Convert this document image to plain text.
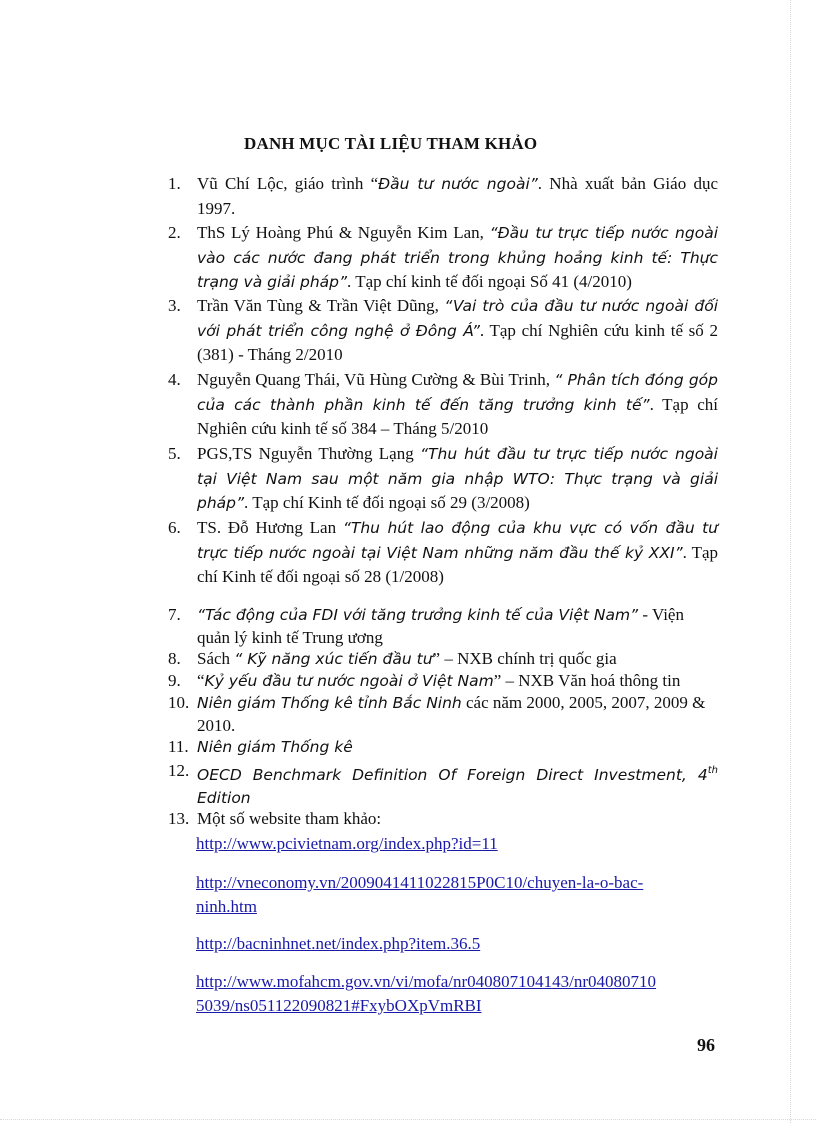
DANH MỤC TÀI LIỆU THAM KHẢO
1. Vũ Chí Lộc, giáo trình “Đầu tư nước ngoài”. Nhà xuất bản Giáo dục 1997.
2. ThS Lý Hoàng Phú & Nguyễn Kim Lan, “Đầu tư trực tiếp nước ngoài vào các nước đang phát triển trong khủng hoảng kinh tế: Thực trạng và giải pháp”. Tạp chí kinh tế đối ngoại Số 41 (4/2010)
3. Trần Văn Tùng & Trần Việt Dũng, “Vai trò của đầu tư nước ngoài đối với phát triển công nghệ ở Đông Á”. Tạp chí Nghiên cứu kinh tế số 2 (381) - Tháng 2/2010
4. Nguyễn Quang Thái, Vũ Hùng Cường & Bùi Trinh, “ Phân tích đóng góp của các thành phần kinh tế đến tăng trưởng kinh tế”. Tạp chí Nghiên cứu kinh tế số 384 – Tháng 5/2010
5. PGS,TS Nguyễn Thường Lạng “Thu hút đầu tư trực tiếp nước ngoài tại Việt Nam sau một năm gia nhập WTO: Thực trạng và giải pháp”. Tạp chí Kinh tế đối ngoại số 29 (3/2008)
6. TS. Đỗ Hương Lan “Thu hút lao động của khu vực có vốn đầu tư trực tiếp nước ngoài tại Việt Nam những năm đầu thế kỷ XXI”. Tạp chí Kinh tế đối ngoại số 28 (1/2008)
7.	“Tác động của FDI với tăng trưởng kinh tế của Việt Nam” - Viện quản lý kinh tế Trung ương
8. Sách “ Kỹ năng xúc tiến đầu tư” – NXB chính trị quốc gia
9. “Kỷ yếu đầu tư nước ngoài ở Việt Nam” – NXB Văn hoá thông tin
10. Niên giám Thống kê tỉnh Bắc Ninh các năm 2000, 2005, 2007, 2009 & 2010.
11. Niên giám Thống kê
12. OECD Benchmark Definition Of Foreign Direct Investment, 4th Edition
13. Một số website tham khảo:
http://www.pcivietnam.org/index.php?id=11

http://vneconomy.vn/2009041411022815P0C10/chuyen-la-o-bac-
ninh.htm
http://bacninhnet.net/index.php?item.36.5

http://www.mofahcm.gov.vn/vi/mofa/nr040807104143/nr04080710
5039/ns051122090821#FxybOXpVmRBI
96
